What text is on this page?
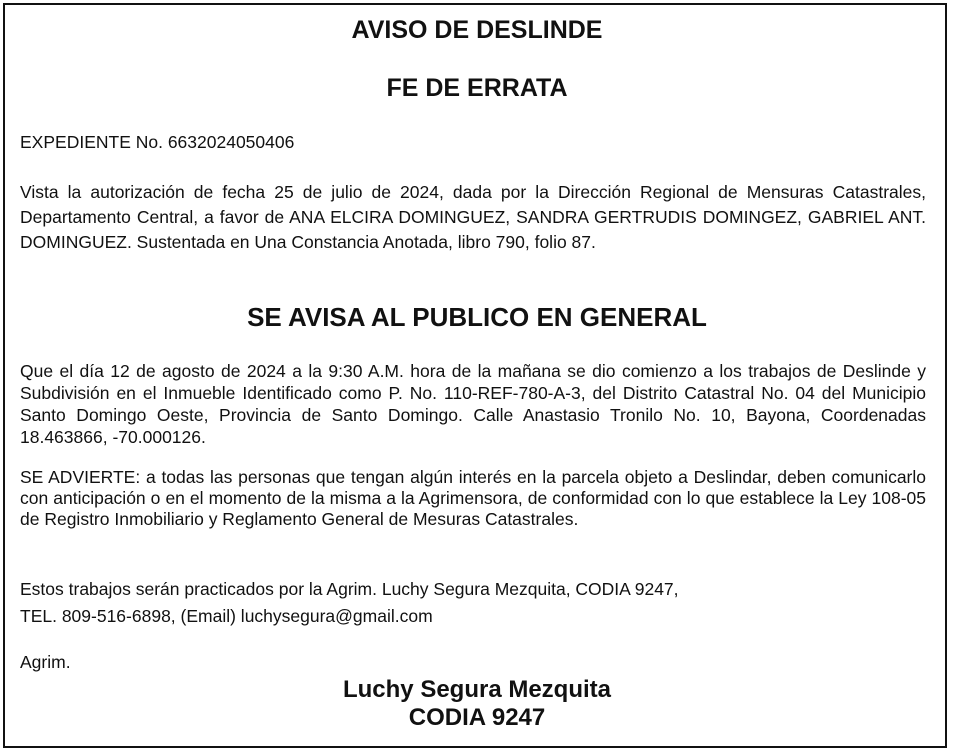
AVISO DE DESLINDE
FE DE ERRATA

EXPEDIENTE No. 6632024050406

Vista la autorización de fecha 25 de julio de 2024, dada por la Dirección Regional de Mensuras Catastrales, Departamento Central, a favor de ANA ELCIRA DOMINGUEZ, SANDRA GERTRUDIS DOMINGEZ, GABRIEL ANT. DOMINGUEZ. Sustentada en Una Constancia Anotada, libro 790, folio 87.

SE AVISA AL PUBLICO EN GENERAL

Que el día 12 de agosto de 2024 a la 9:30 A.M. hora de la mañana se dio comienzo a los trabajos de Deslinde y Subdivisión en el Inmueble Identificado como P. No. 110-REF-780-A-3, del Distrito Catastral No. 04 del Municipio Santo Domingo Oeste, Provincia de Santo Domingo. Calle Anastasio Tronilo No. 10, Bayona, Coordenadas 18.463866, -70.000126.

SE ADVIERTE: a todas las personas que tengan algún interés en la parcela objeto a Deslindar, deben comunicarlo con anticipación o en el momento de la misma a la Agrimensora, de conformidad con lo que establece la Ley 108-05 de Registro Inmobiliario y Reglamento General de Mesuras Catastrales.

Estos trabajos serán practicados por la Agrim. Luchy Segura Mezquita, CODIA 9247,
TEL. 809-516-6898, (Email) luchysegura@gmail.com

Agrim.

Luchy Segura Mezquita

CODIA 9247
